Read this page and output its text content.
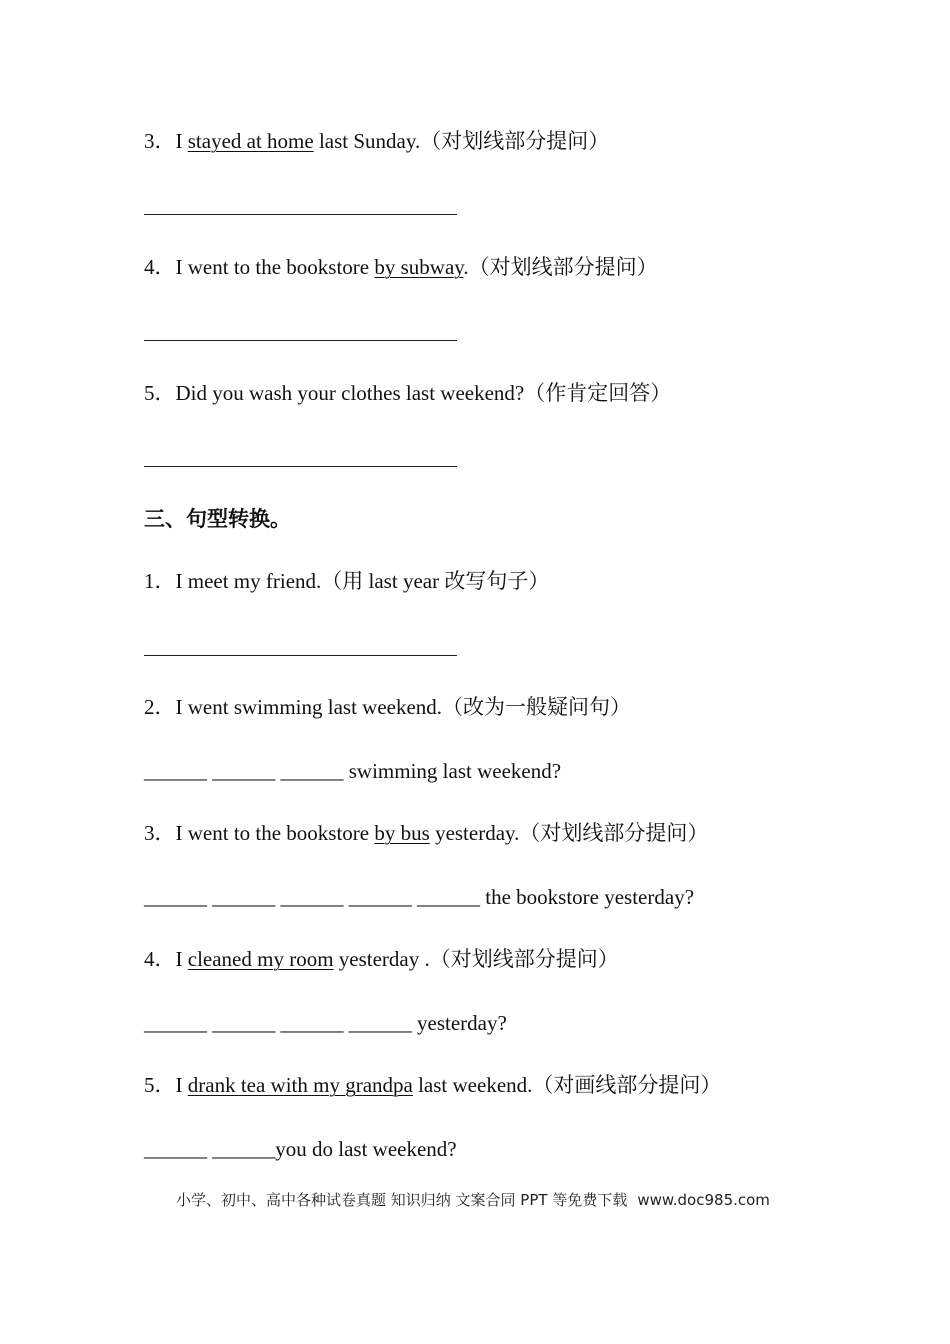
3．I stayed at home last Sunday.（对划线部分提问）
4．I went to the bookstore by subway.（对划线部分提问）
5．Did you wash your clothes last weekend?（作肯定回答）
三、句型转换。
1．I meet my friend.（用 last year 改写句子）
2．I went swimming last weekend.（改为一般疑问句）
______ ______ ______ swimming last weekend?
3．I went to the bookstore by bus yesterday.（对划线部分提问）
______ ______ ______ ______ ______ the bookstore yesterday?
4．I cleaned my room yesterday .（对划线部分提问）
______ ______ ______ ______ yesterday?
5．I drank tea with my grandpa last weekend.（对画线部分提问）
______ ______you do last weekend?
小学、初中、高中各种试卷真题 知识归纳 文案合同 PPT 等免费下载 www.doc985.com
